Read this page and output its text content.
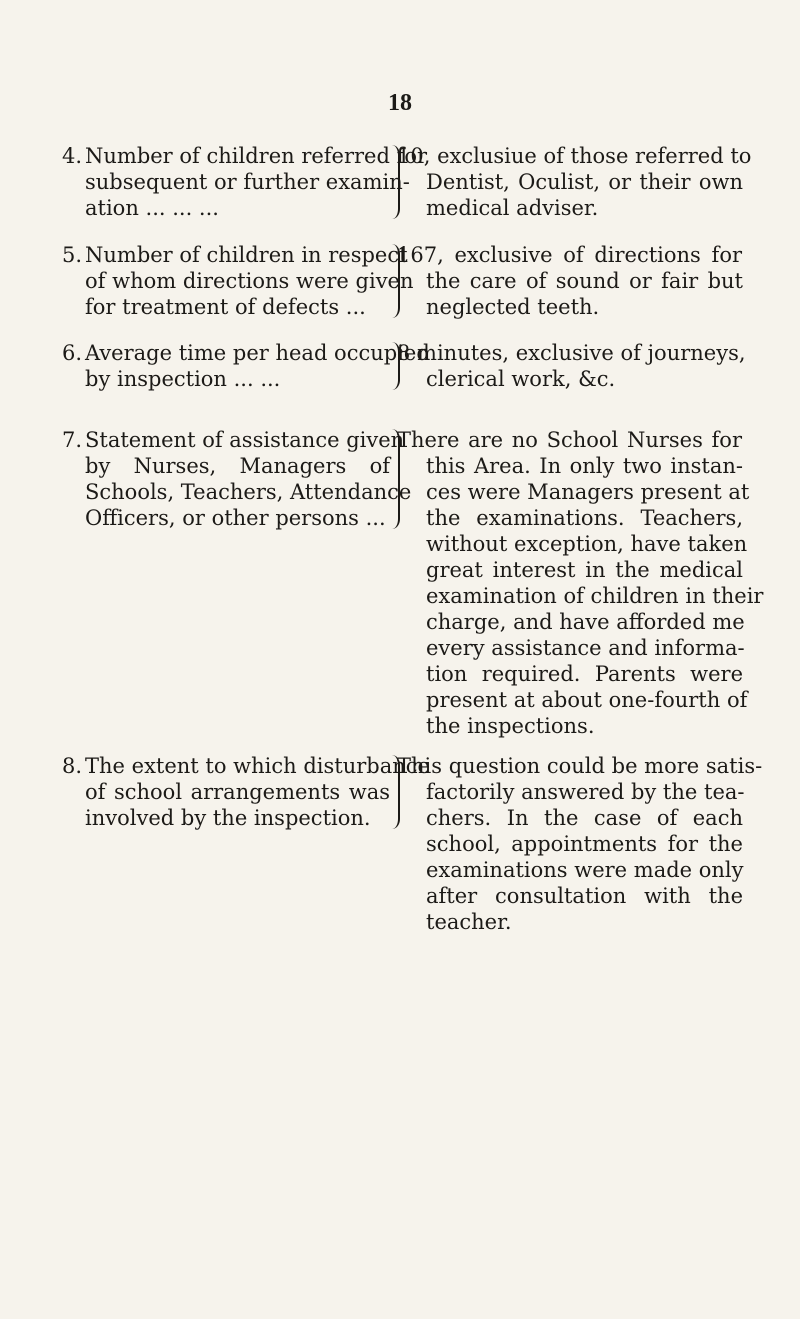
18
4. Number of children referred for
subsequent or further examin-
ation ... ... ...
10, exclusiue of those referred to
Dentist, Oculist, or their own
medical adviser.
5. Number of children in respect
of whom directions were given
for treatment of defects ...
167, exclusive of directions for
the care of sound or fair but
neglected teeth.
6. Average time per head occupied
by inspection ... ...
8 minutes, exclusive of journeys,
clerical work, &c.
7. Statement of assistance given
by Nurses, Managers of
Schools, Teachers, Attendance
Officers, or other persons ...
There are no School Nurses for
this Area. In only two instan-
ces were Managers present at
the examinations. Teachers,
without exception, have taken
great interest in the medical
examination of children in their
charge, and have afforded me
every assistance and informa-
tion required. Parents were
present at about one-fourth of
the inspections.
8. The extent to which disturbance
of school arrangements was
involved by the inspection.
This question could be more satis-
factorily answered by the tea-
chers. In the case of each
school, appointments for the
examinations were made only
after consultation with the
teacher.
